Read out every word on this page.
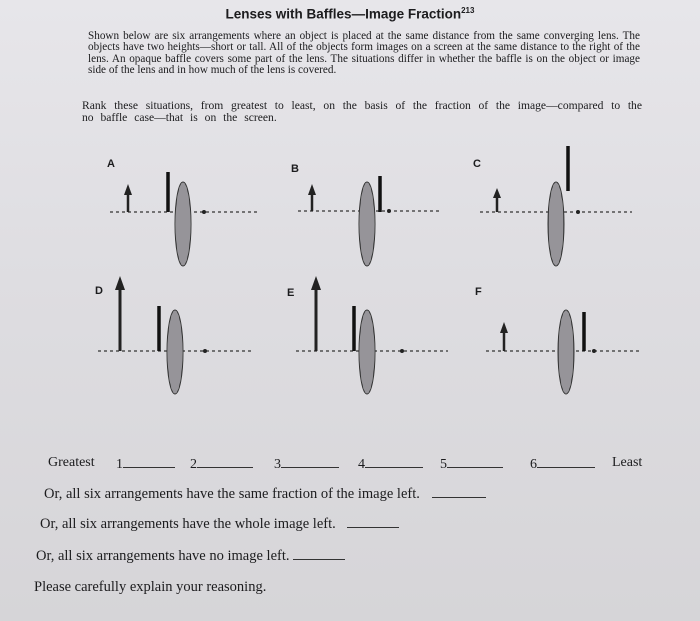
Lenses with Baffles—Image Fraction$^{213}$
Shown below are six arrangements where an object is placed at the same distance from the same converging lens. The objects have two heights—short or tall. All of the objects form images on a screen at the same distance to the right of the lens. An opaque baffle covers some part of the lens. The situations differ in whether the baffle is on the object or image side of the lens and in how much of the lens is covered.
Rank these situations, from greatest to least, on the basis of the fraction of the image—compared to the no baffle case—that is on the screen.
A	B	C
D	E	F
Greatest 1	2	3	4	5	6	Least
Or, all six arrangements have the same fraction of the image left.
Or, all six arrangements have the whole image left.
Or, all six arrangements have no image left.
Please carefully explain your reasoning.
